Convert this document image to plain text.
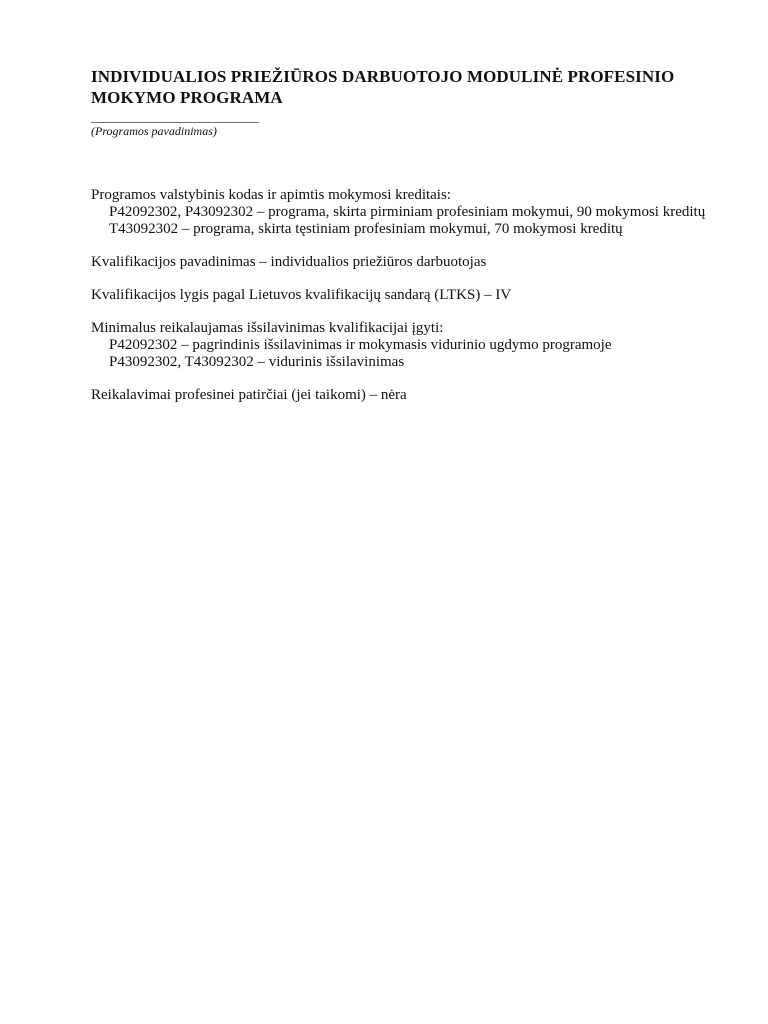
INDIVIDUALIOS PRIEŽIŪROS DARBUOTOJO MODULINĖ PROFESINIO MOKYMO PROGRAMA

____________________________

(Programos pavadinimas)

Programos valstybinis kodas ir apimtis mokymosi kreditais:
P42092302, P43092302 – programa, skirta pirminiam profesiniam mokymui, 90 mokymosi kreditų
T43092302 – programa, skirta tęstiniam profesiniam mokymui, 70 mokymosi kreditų
Kvalifikacijos pavadinimas – individualios priežiūros darbuotojas
Kvalifikacijos lygis pagal Lietuvos kvalifikacijų sandarą (LTKS) – IV
Minimalus reikalaujamas išsilavinimas kvalifikacijai įgyti:
P42092302 – pagrindinis išsilavinimas ir mokymasis vidurinio ugdymo programoje
P43092302, T43092302 – vidurinis išsilavinimas
Reikalavimai profesinei patirčiai (jei taikomi) – nėra
